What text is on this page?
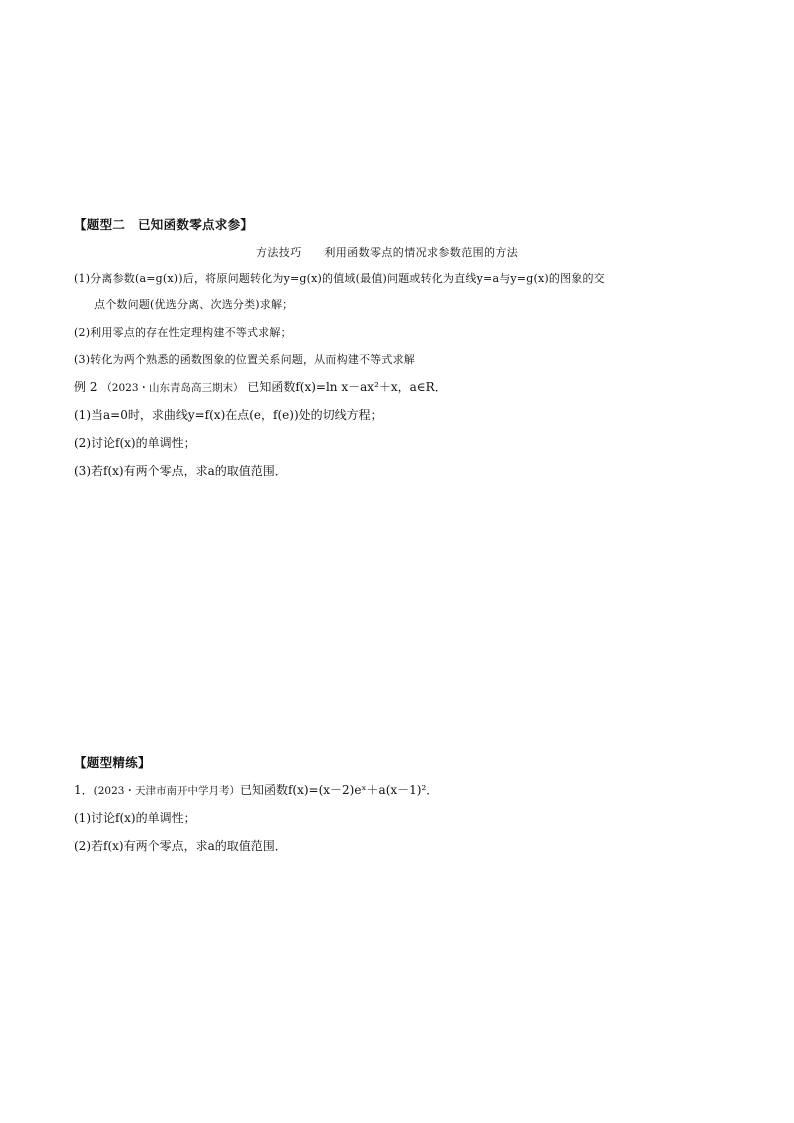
【题型二　已知函数零点求参】
方法技巧　　利用函数零点的情况求参数范围的方法
(1)分离参数(a=g(x))后，将原问题转化为y=g(x)的值域(最值)问题或转化为直线y=a与y=g(x)的图象的交
点个数问题(优选分离、次选分类)求解；
(2)利用零点的存在性定理构建不等式求解；
(3)转化为两个熟悉的函数图象的位置关系问题，从而构建不等式求解
例 2 （2023・山东青岛高三期末） 已知函数f(x)=ln x－ax²＋x，a∈R．
(1)当a=0时，求曲线y=f(x)在点(e，f(e))处的切线方程；
(2)讨论f(x)的单调性；
(3)若f(x)有两个零点，求a的取值范围．
【题型精练】
1．(2023・天津市南开中学月考）已知函数f(x)=(x－2)eˣ＋a(x－1)²．
(1)讨论f(x)的单调性；
(2)若f(x)有两个零点，求a的取值范围．
